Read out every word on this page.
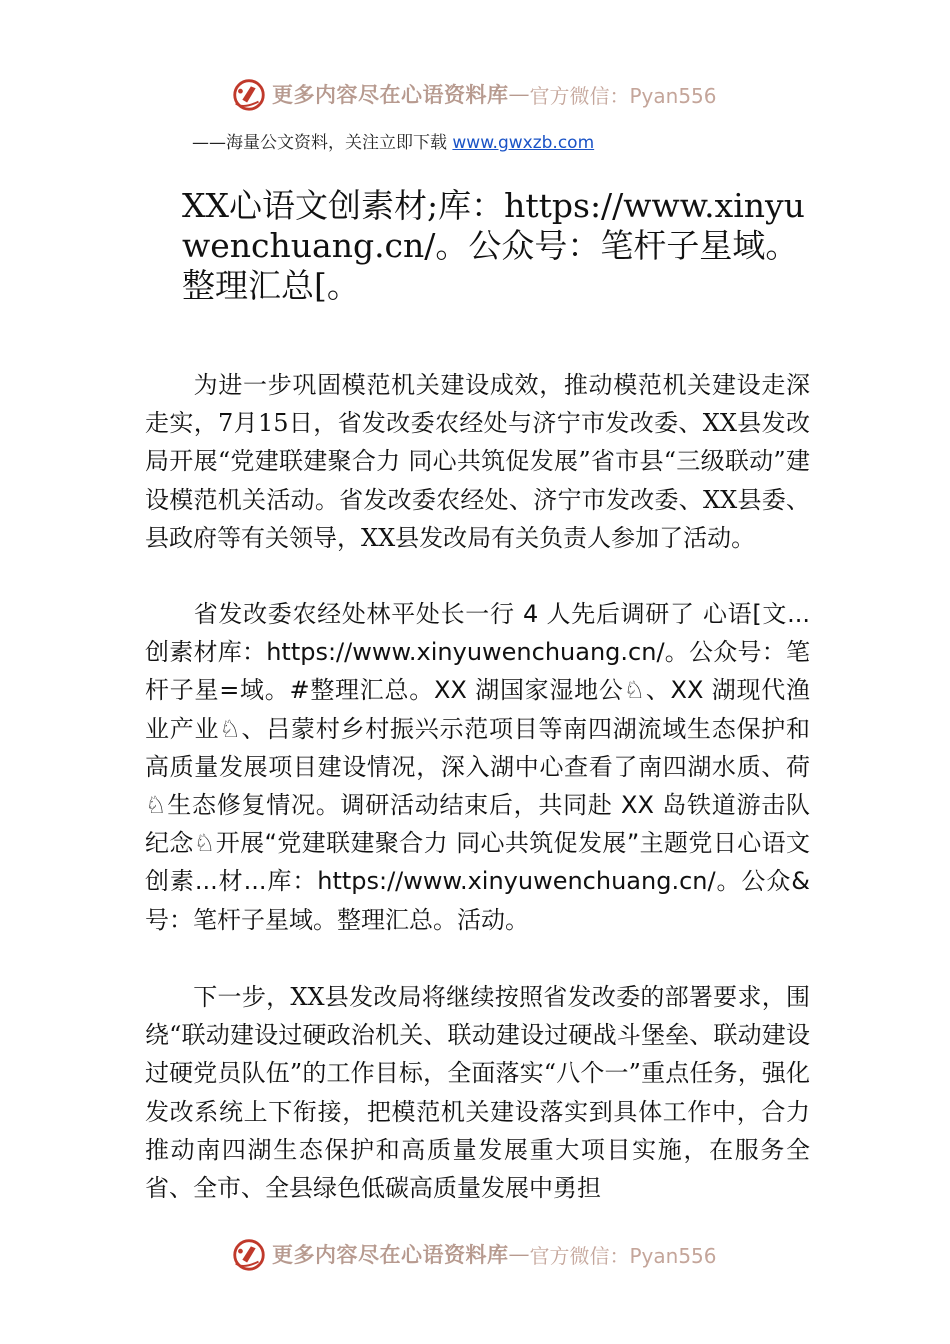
更多内容尽在心语资料库 — 官方微信：Pyan556
——海量公文资料，关注立即下载 www.gwxzb.com
XX心语文创素材;库：https://www.xinyuwenchuang.cn/。公众号：笔杆子星域。整理汇总[。
为进一步巩固模范机关建设成效，推动模范机关建设走深走实，7月15日，省发改委农经处与济宁市发改委、XX县发改局开展“党建联建聚合力 同心共筑促发展”省市县“三级联动”建设模范机关活动。省发改委农经处、济宁市发改委、XX县委、县政府等有关领导，XX县发改局有关负责人参加了活动。
省发改委农经处林平处长一行 4 人先后调研了 心语[文...创素材库：https://www.xinyuwenchuang.cn/。公众号：笔杆子星=域。#整理汇总。XX 湖国家湿地公♘、XX 湖现代渔业产业♘、吕蒙村乡村振兴示范项目等南四湖流域生态保护和高质量发展项目建设情况，深入湖中心查看了南四湖水质、荷♘生态修复情况。调研活动结束后，共同赴 XX 岛铁道游击队纪念♘开展“党建联建聚合力 同心共筑促发展”主题党日心语文创素...材...库：https://www.xinyuwenchuang.cn/。公众&号：笔杆子星域。整理汇总。活动。
下一步，XX县发改局将继续按照省发改委的部署要求，围绕“联动建设过硬政治机关、联动建设过硬战斗堡垒、联动建设过硬党员队伍”的工作目标，全面落实“八个一”重点任务，强化发改系统上下衔接，把模范机关建设落实到具体工作中，合力推动南四湖生态保护和高质量发展重大项目实施，在服务全省、全市、全县绿色低碳高质量发展中勇担
更多内容尽在心语资料库 — 官方微信：Pyan556
